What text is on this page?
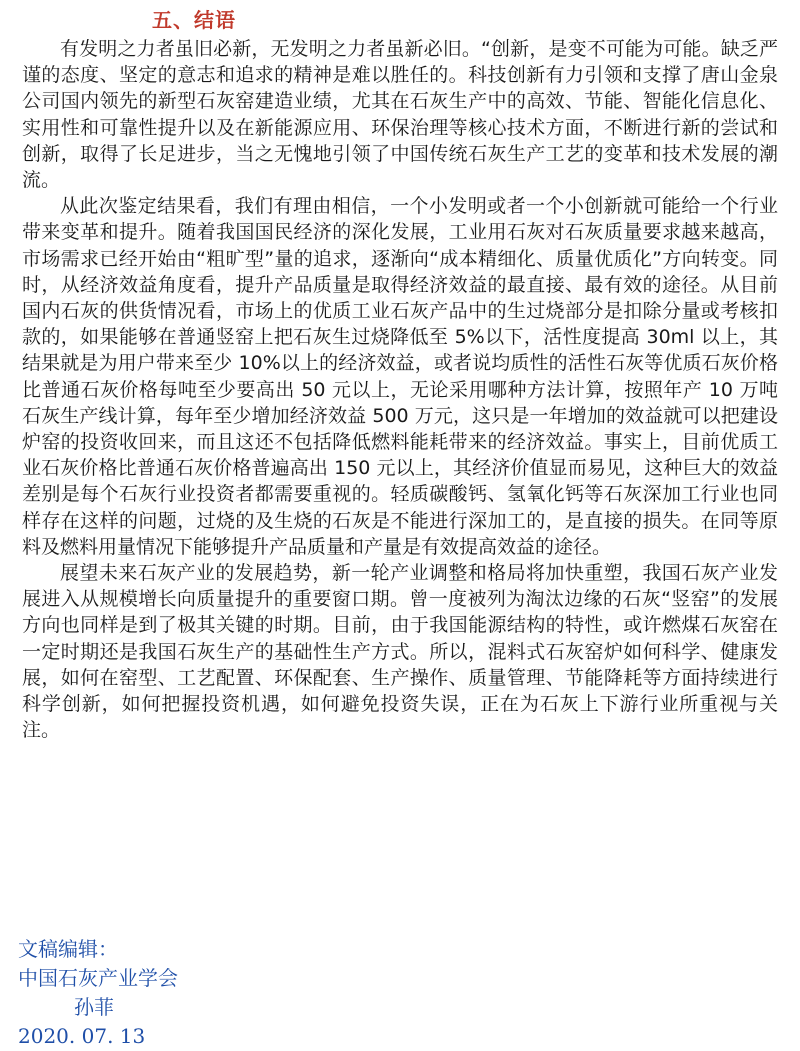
五、结语

有发明之力者虽旧必新，无发明之力者虽新必旧。“创新，是变不可能为可能。缺乏严谨的态度、坚定的意志和追求的精神是难以胜任的。科技创新有力引领和支撑了唐山金泉公司国内领先的新型石灰窑建造业绩，尤其在石灰生产中的高效、节能、智能化信息化、实用性和可靠性提升以及在新能源应用、环保治理等核心技术方面，不断进行新的尝试和创新，取得了长足进步，当之无愧地引领了中国传统石灰生产工艺的变革和技术发展的潮流。

从此次鉴定结果看，我们有理由相信，一个小发明或者一个小创新就可能给一个行业带来变革和提升。随着我国国民经济的深化发展，工业用石灰对石灰质量要求越来越高，市场需求已经开始由“粗旷型”量的追求，逐渐向“成本精细化、质量优质化”方向转变。同时，从经济效益角度看，提升产品质量是取得经济效益的最直接、最有效的途径。从目前国内石灰的供货情况看，市场上的优质工业石灰产品中的生过烧部分是扣除分量或考核扣款的，如果能够在普通竖窑上把石灰生过烧降低至 5%以下，活性度提高 30ml 以上，其结果就是为用户带来至少 10%以上的经济效益，或者说均质性的活性石灰等优质石灰价格比普通石灰价格每吨至少要高出 50 元以上，无论采用哪种方法计算，按照年产 10 万吨石灰生产线计算，每年至少增加经济效益 500 万元，这只是一年增加的效益就可以把建设炉窑的投资收回来，而且这还不包括降低燃料能耗带来的经济效益。事实上，目前优质工业石灰价格比普通石灰价格普遍高出 150 元以上，其经济价值显而易见，这种巨大的效益差别是每个石灰行业投资者都需要重视的。轻质碳酸钙、氢氧化钙等石灰深加工行业也同样存在这样的问题，过烧的及生烧的石灰是不能进行深加工的，是直接的损失。在同等原料及燃料用量情况下能够提升产品质量和产量是有效提高效益的途径。

展望未来石灰产业的发展趋势，新一轮产业调整和格局将加快重塑，我国石灰产业发展进入从规模增长向质量提升的重要窗口期。曾一度被列为淘汰边缘的石灰“竖窑”的发展方向也同样是到了极其关键的时期。目前，由于我国能源结构的特性，或许燃煤石灰窑在一定时期还是我国石灰生产的基础性生产方式。所以，混料式石灰窑炉如何科学、健康发展，如何在窑型、工艺配置、环保配套、生产操作、质量管理、节能降耗等方面持续进行科学创新，如何把握投资机遇，如何避免投资失误，正在为石灰上下游行业所重视与关注。

文稿编辑：
中国石灰产业学会
孙菲
2020. 07. 13
